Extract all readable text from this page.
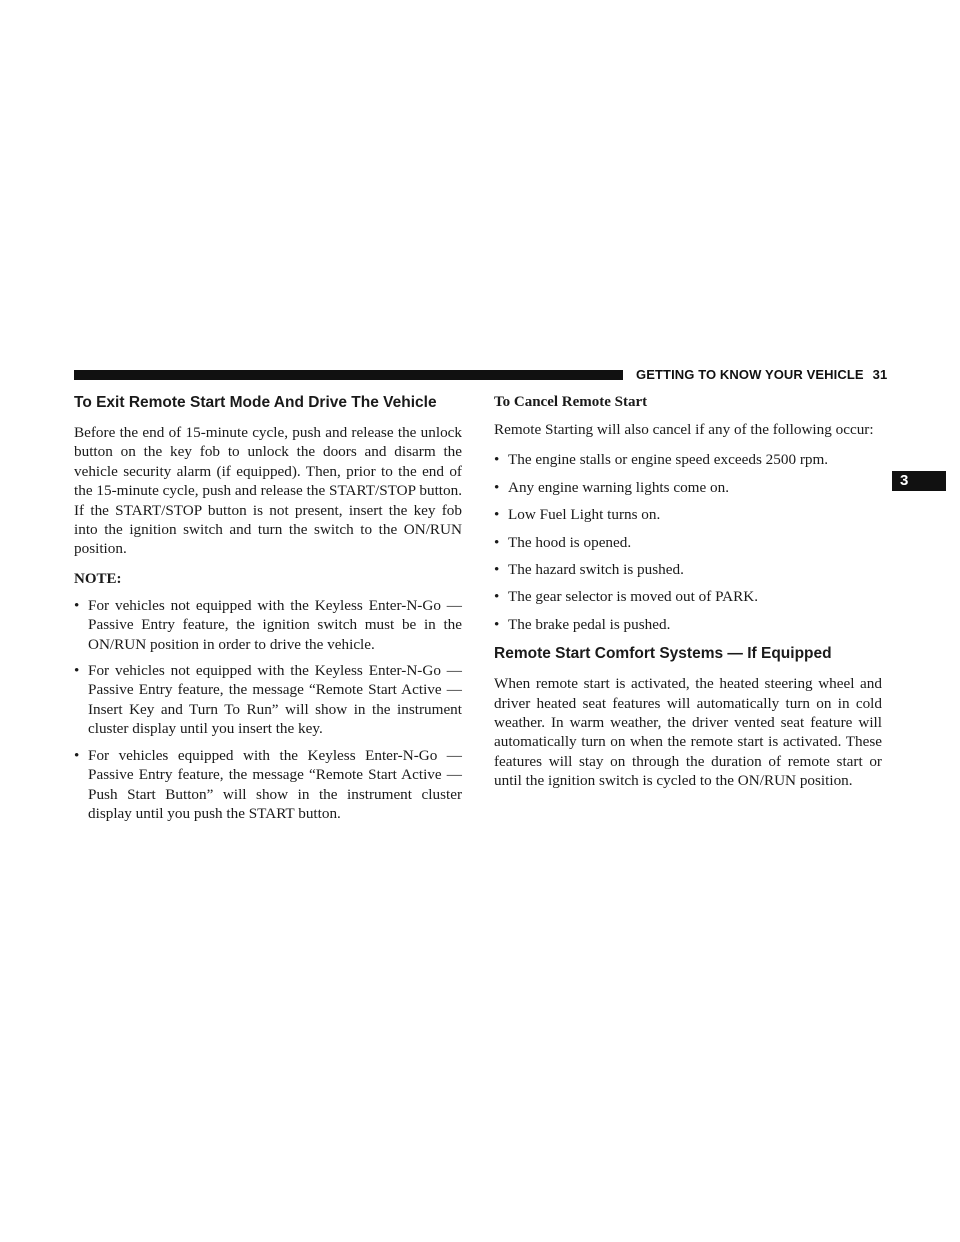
GETTING TO KNOW YOUR VEHICLE 31
3
To Exit Remote Start Mode And Drive The Vehicle

Before the end of 15-minute cycle, push and release the unlock button on the key fob to unlock the doors and disarm the vehicle security alarm (if equipped). Then, prior to the end of the 15-minute cycle, push and release the START/STOP button. If the START/STOP button is not present, insert the key fob into the ignition switch and turn the switch to the ON/RUN position.

NOTE:
• For vehicles not equipped with the Keyless Enter-N-Go — Passive Entry feature, the ignition switch must be in the ON/RUN position in order to drive the vehicle.
• For vehicles not equipped with the Keyless Enter-N-Go — Passive Entry feature, the message “Remote Start Active — Insert Key and Turn To Run” will show in the instrument cluster display until you insert the key.
• For vehicles equipped with the Keyless Enter-N-Go — Passive Entry feature, the message “Remote Start Active — Push Start Button” will show in the instrument cluster display until you push the START button.
To Cancel Remote Start

Remote Starting will also cancel if any of the following occur:

• The engine stalls or engine speed exceeds 2500 rpm.
• Any engine warning lights come on.
• Low Fuel Light turns on.
• The hood is opened.
• The hazard switch is pushed.
• The gear selector is moved out of PARK.
• The brake pedal is pushed.
Remote Start Comfort Systems — If Equipped

When remote start is activated, the heated steering wheel and driver heated seat features will automatically turn on in cold weather. In warm weather, the driver vented seat feature will automatically turn on when the remote start is activated. These features will stay on through the duration of remote start or until the ignition switch is cycled to the ON/RUN position.
